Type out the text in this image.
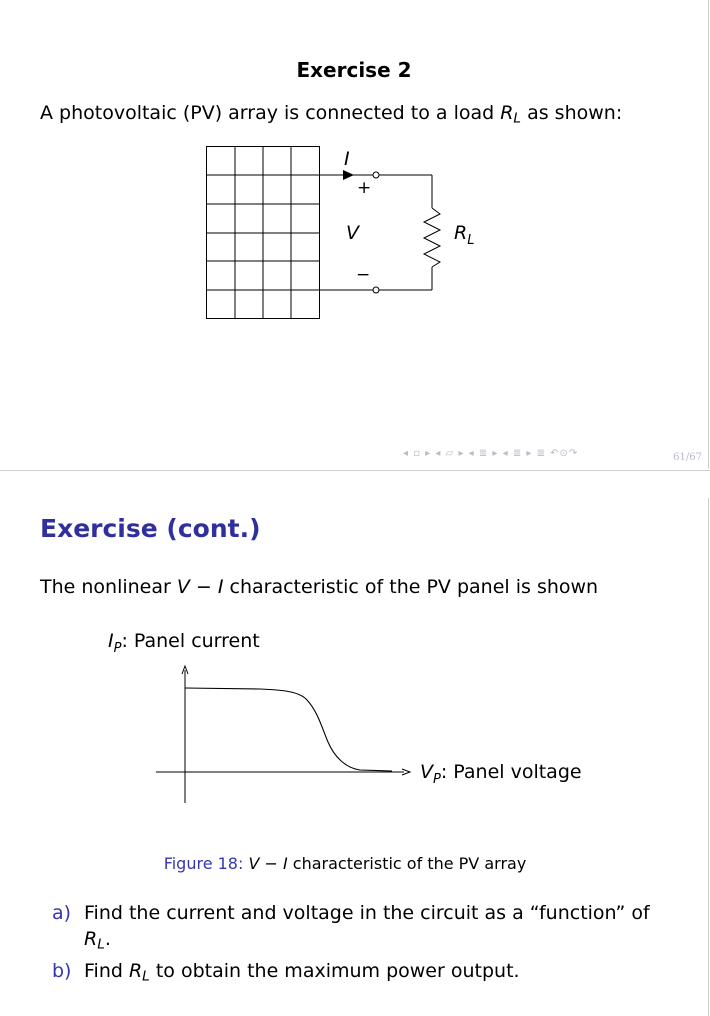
Exercise 2
A photovoltaic (PV) array is connected to a load $R_L$ as shown:
I
+
V
−
$R_L$
◂ ▫ ▸ ◂ ▱ ▸ ◂ ≣ ▸ ◂ ≣ ▸ ≣ ↶⊙↷	61/67
Exercise (cont.)
The nonlinear V − I characteristic of the PV panel is shown
$I_P$: Panel current
$V_P$: Panel voltage
Figure 18: V − I characteristic of the PV array
a) Find the current and voltage in the circuit as a “function” of
$R_L$.
b) Find $R_L$ to obtain the maximum power output.
